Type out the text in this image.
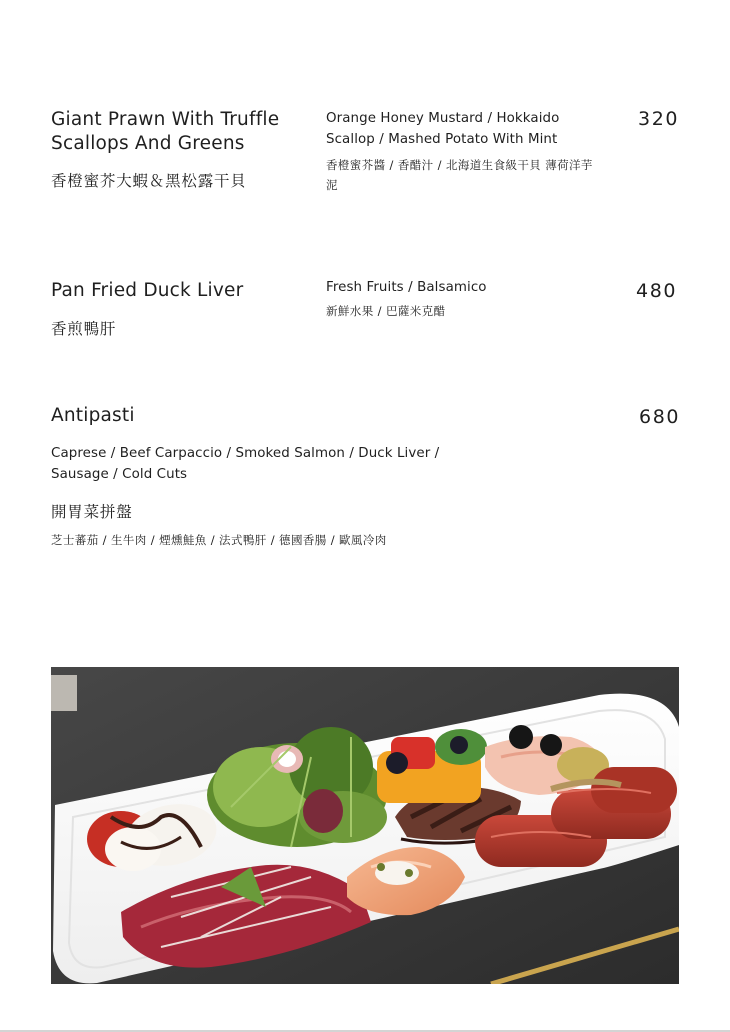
Giant Prawn With Truffle Scallops And Greens
香橙蜜芥大蝦＆黑松露干貝
Orange Honey Mustard / Hokkaido Scallop / Mashed Potato With Mint
香橙蜜芥醬 / 香醋汁 / 北海道生食級干貝 薄荷洋芋泥
320
Pan Fried Duck Liver
香煎鴨肝
Fresh Fruits / Balsamico
新鮮水果 / 巴薩米克醋
480
Antipasti	680
Caprese / Beef Carpaccio / Smoked Salmon / Duck Liver / Sausage / Cold Cuts
開胃菜拼盤
芝士蕃茄 / 生牛肉 / 煙燻鮭魚 / 法式鴨肝 / 德國香腸 / 歐風冷肉
